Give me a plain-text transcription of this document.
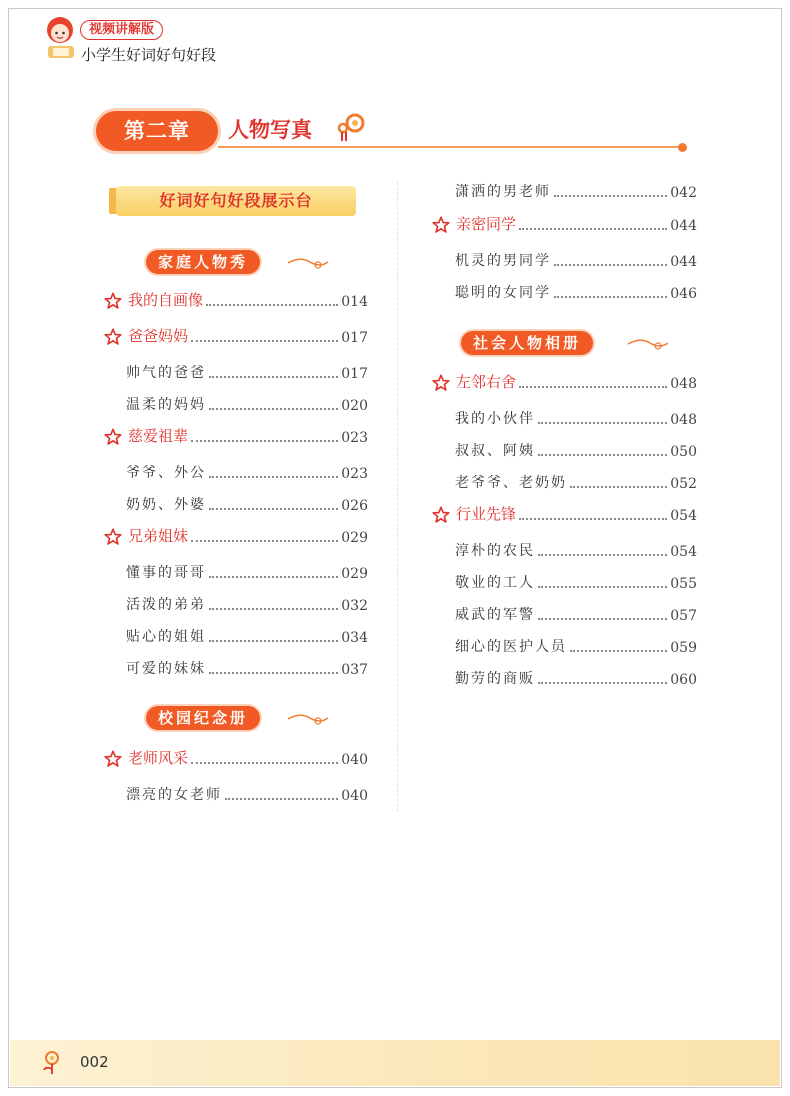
视频讲解版
小学生好词好句好段
第二章	人物写真
好词好句好段展示台
家庭人物秀
校园纪念册
社会人物相册
我的自画像	014
爸爸妈妈	017
帅气的爸爸	017
温柔的妈妈	020
慈爱祖辈	023
爷爷、外公	023
奶奶、外婆	026
兄弟姐妹	029
懂事的哥哥	029
活泼的弟弟	032
贴心的姐姐	034
可爱的妹妹	037
老师风采	040
漂亮的女老师	040
潇洒的男老师	042
亲密同学	044
机灵的男同学	044
聪明的女同学	046
左邻右舍	048
我的小伙伴	048
叔叔、阿姨	050
老爷爷、老奶奶	052
行业先锋	054
淳朴的农民	054
敬业的工人	055
威武的军警	057
细心的医护人员	059
勤劳的商贩	060
002
